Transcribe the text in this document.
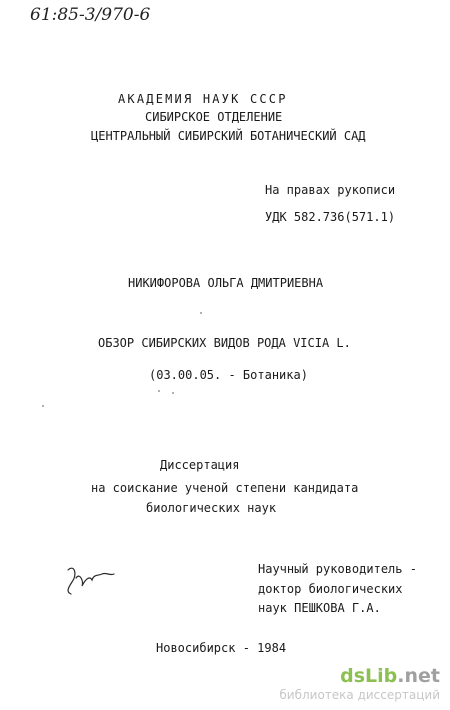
61:85-3/970-6
АКАДЕМИЯ НАУК СССР
СИБИРСКОЕ ОТДЕЛЕНИЕ
ЦЕНТРАЛЬНЫЙ СИБИРСКИЙ БОТАНИЧЕСКИЙ САД
На правах рукописи
УДК 582.736(571.1)
НИКИФОРОВА ОЛЬГА ДМИТРИЕВНА
ОБЗОР СИБИРСКИХ ВИДОВ РОДА VICIA L.
(03.00.05. - Ботаника)
Диссертация
на соискание ученой степени кандидата
биологических наук
Научный руководитель -
доктор биологических
наук ПЕШКОВА Г.А.
Новосибирск - 1984
dsLib.net
библиотека диссертаций
